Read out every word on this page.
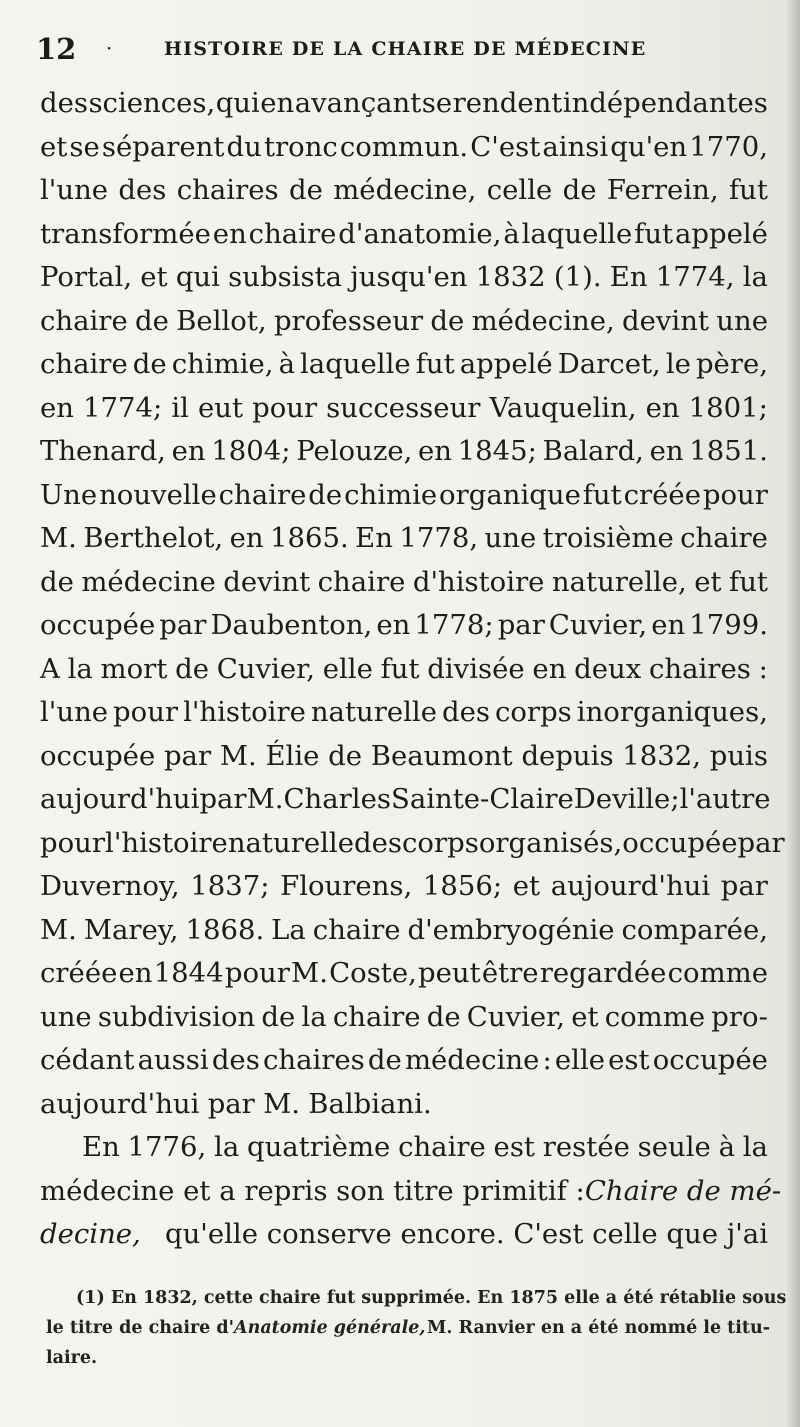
12 ·	HISTOIRE DE LA CHAIRE DE MÉDECINE
des sciences, qui en avançant se rendent indépendantes
et se séparent du tronc commun. C'est ainsi qu'en 1770,
l'une des chaires de médecine, celle de Ferrein, fut
transformée en chaire d'anatomie, à laquelle fut appelé
Portal, et qui subsista jusqu'en 1832 (1). En 1774, la
chaire de Bellot, professeur de médecine, devint une
chaire de chimie, à laquelle fut appelé Darcet, le père,
en 1774; il eut pour successeur Vauquelin, en 1801;
Thenard, en 1804; Pelouze, en 1845; Balard, en 1851.
Une nouvelle chaire de chimie organique fut créée pour
M. Berthelot, en 1865. En 1778, une troisième chaire
de médecine devint chaire d'histoire naturelle, et fut
occupée par Daubenton, en 1778; par Cuvier, en 1799.
A la mort de Cuvier, elle fut divisée en deux chaires :
l'une pour l'histoire naturelle des corps inorganiques,
occupée par M. Élie de Beaumont depuis 1832, puis
aujourd'hui par M. Charles Sainte-Claire Deville; l'autre
pour l'histoire naturelle des corps organisés, occupée par
Duvernoy, 1837; Flourens, 1856; et aujourd'hui par
M. Marey, 1868. La chaire d'embryogénie comparée,
créée en 1844 pour M. Coste, peut être regardée comme
une subdivision de la chaire de Cuvier, et comme pro-
cédant aussi des chaires de médecine : elle est occupée
aujourd'hui par M. Balbiani.
En 1776, la quatrième chaire est restée seule à la
médecine et a repris son titre primitif : Chaire de mé-
decine, qu'elle conserve encore. C'est celle que j'ai
(1) En 1832, cette chaire fut supprimée. En 1875 elle a été rétablie sous
le titre de chaire d'Anatomie générale, M. Ranvier en a été nommé le titu-
laire.
